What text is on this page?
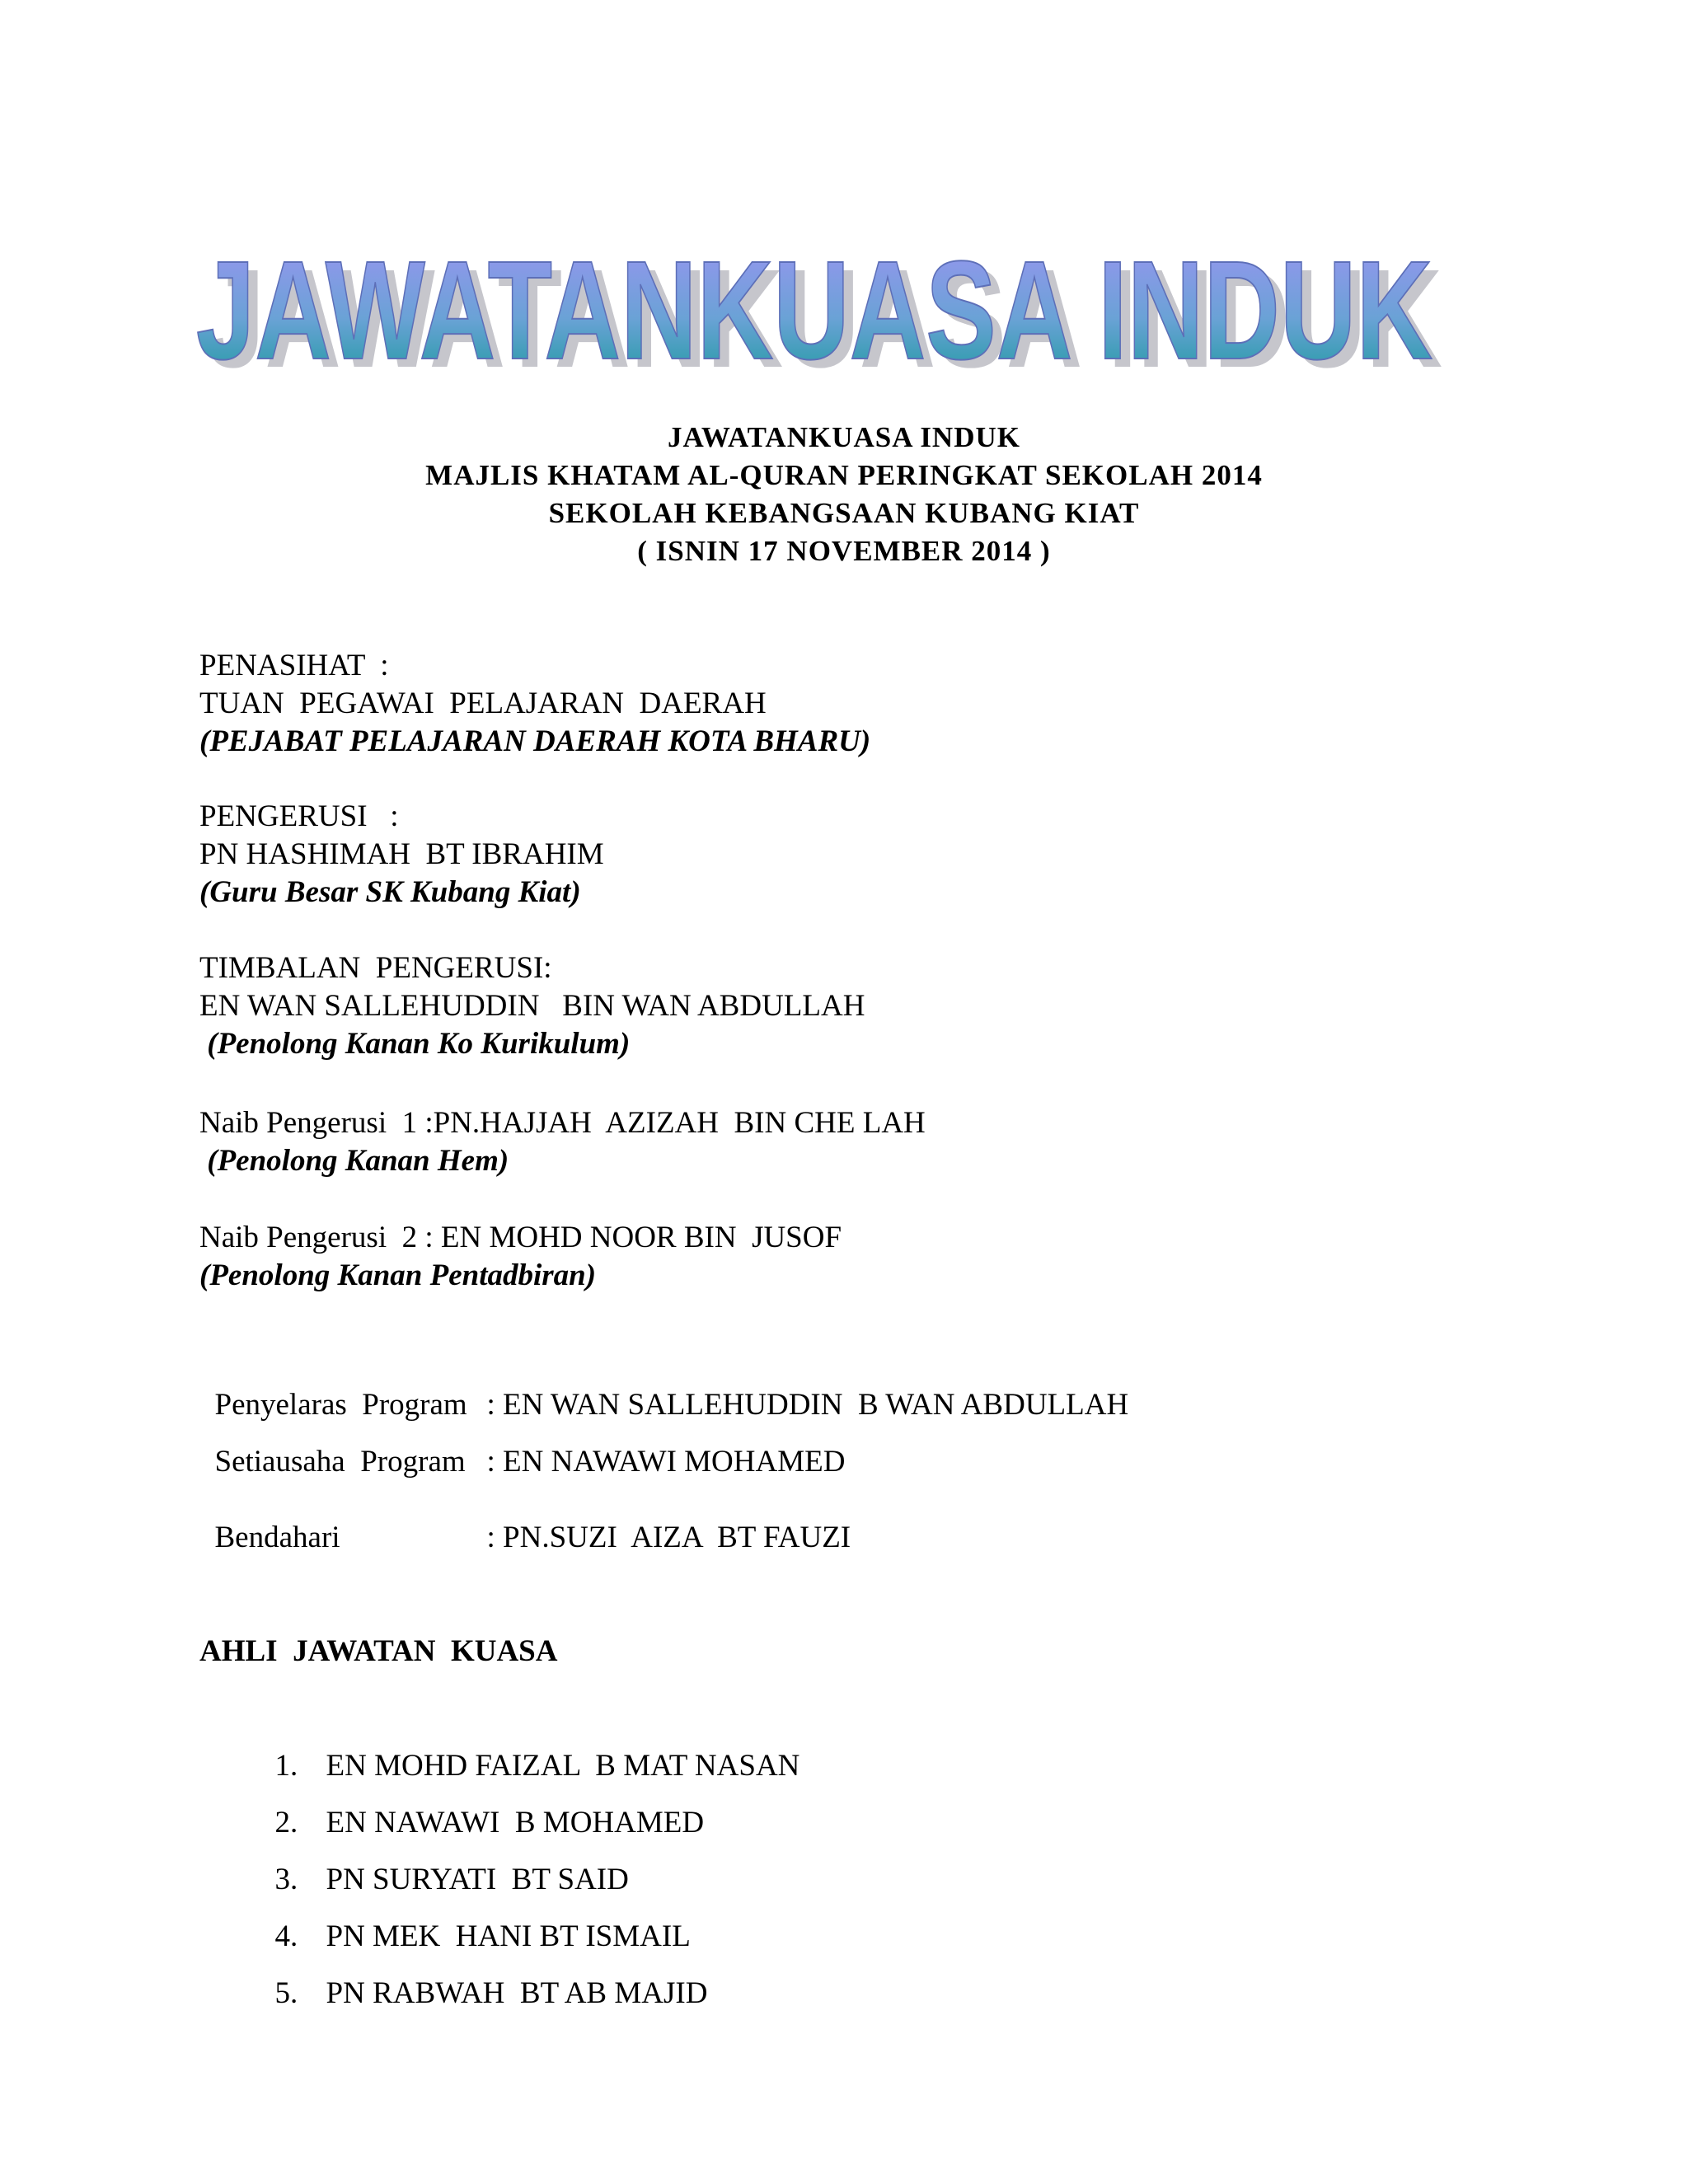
JAWATANKUASA INDUK
JAWATANKUASA INDUK
JAWATANKUASA INDUK
MAJLIS KHATAM AL-QURAN PERINGKAT SEKOLAH 2014
SEKOLAH KEBANGSAAN KUBANG KIAT
( ISNIN 17 NOVEMBER 2014 )
PENASIHAT  :
TUAN  PEGAWAI  PELAJARAN  DAERAH
(PEJABAT PELAJARAN DAERAH KOTA BHARU)
PENGERUSI   :
PN HASHIMAH  BT IBRAHIM
(Guru Besar SK Kubang Kiat)
TIMBALAN  PENGERUSI:
EN WAN SALLEHUDDIN   BIN WAN ABDULLAH
(Penolong Kanan Ko Kurikulum)
Naib Pengerusi  1 :PN.HAJJAH  AZIZAH  BIN CHE LAH
(Penolong Kanan Hem)
Naib Pengerusi  2 : EN MOHD NOOR BIN  JUSOF
(Penolong Kanan Pentadbiran)

Penyelaras  Program : EN WAN SALLEHUDDIN  B WAN ABDULLAH

Setiausaha  Program : EN NAWAWI MOHAMED

Bendahari	: PN.SUZI  AIZA  BT FAUZI

AHLI  JAWATAN  KUASA

1. EN MOHD FAIZAL  B MAT NASAN

2. EN NAWAWI  B MOHAMED

3. PN SURYATI  BT SAID

4. PN MEK  HANI BT ISMAIL

5. PN RABWAH  BT AB MAJID
